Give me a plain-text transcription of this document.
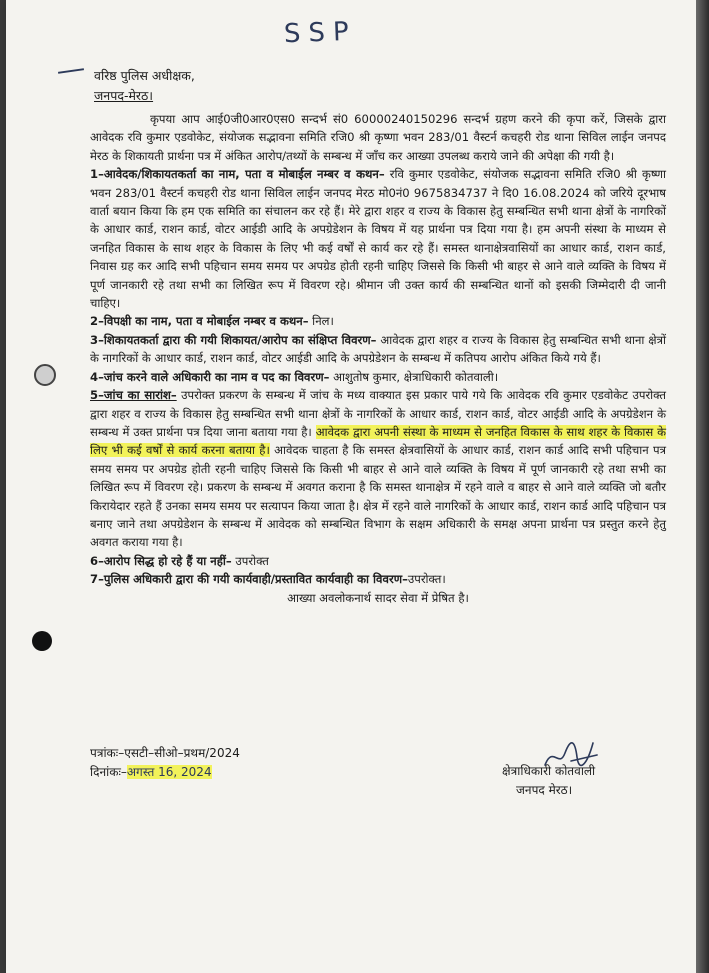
SSP
वरिष्ठ पुलिस अधीक्षक,
जनपद-मेरठ।

कृपया आप आई0जी0आर0एस0 सन्दर्भ सं0 60000240150296 सन्दर्भ ग्रहण करने की कृपा करें, जिसके द्वारा आवेदक रवि कुमार एडवोकेट, संयोजक सद्भावना समिति रजि0 श्री कृष्णा भवन 283/01 वैस्टर्न कचहरी रोड थाना सिविल लाईन जनपद मेरठ के शिकायती प्रार्थना पत्र में अंकित आरोप/तथ्यों के सम्बन्ध में जाँच कर आख्या उपलब्ध कराये जाने की अपेक्षा की गयी है।

1–आवेदक/शिकायतकर्ता का नाम, पता व मोबाईल नम्बर व कथन– रवि कुमार एडवोकेट, संयोजक सद्भावना समिति रजि0 श्री कृष्णा भवन 283/01 वैस्टर्न कचहरी रोड थाना सिविल लाईन जनपद मेरठ मो0नं0 9675834737 ने दि0 16.08.2024 को जरिये दूरभाष वार्ता बयान किया कि हम एक समिति का संचालन कर रहे हैं। मेरे द्वारा शहर व राज्य के विकास हेतु सम्बन्धित सभी थाना क्षेत्रों के नागरिकों के आधार कार्ड, राशन कार्ड, वोटर आईडी आदि के अपग्रेडेशन के विषय में यह प्रार्थना पत्र दिया गया है। हम अपनी संस्था के माध्यम से जनहित विकास के साथ शहर के विकास के लिए भी कई वर्षों से कार्य कर रहे हैं। समस्त थानाक्षेत्रवासियों का आधार कार्ड, राशन कार्ड, निवास ग्रह कर आदि सभी पहिचान समय समय पर अपग्रेड होती रहनी चाहिए जिससे कि किसी भी बाहर से आने वाले व्यक्ति के विषय में पूर्ण जानकारी रहे तथा सभी का लिखित रूप में विवरण रहे। श्रीमान जी उक्त कार्य की सम्बन्धित थानों को इसकी जिम्मेदारी दी जानी चाहिए।

2–विपक्षी का नाम, पता व मोबाईल नम्बर व कथन– निल।

3–शिकायतकर्ता द्वारा की गयी शिकायत/आरोप का संक्षिप्त विवरण– आवेदक द्वारा शहर व राज्य के विकास हेतु सम्बन्धित सभी थाना क्षेत्रों के नागरिकों के आधार कार्ड, राशन कार्ड, वोटर आईडी आदि के अपग्रेडेशन के सम्बन्ध में कतिपय आरोप अंकित किये गये हैं।

4–जांच करने वाले अधिकारी का नाम व पद का विवरण– आशुतोष कुमार, क्षेत्राधिकारी कोतवाली।

5–जांच का सारांश– उपरोक्त प्रकरण के सम्बन्ध में जांच के मध्य वाक्यात इस प्रकार पाये गये कि आवेदक रवि कुमार एडवोकेट उपरोक्त द्वारा शहर व राज्य के विकास हेतु सम्बन्धित सभी थाना क्षेत्रों के नागरिकों के आधार कार्ड, राशन कार्ड, वोटर आईडी आदि के अपग्रेडेशन के सम्बन्ध में उक्त प्रार्थना पत्र दिया जाना बताया गया है। आवेदक द्वारा अपनी संस्था के माध्यम से जनहित विकास के साथ शहर के विकास के लिए भी कई वर्षों से कार्य करना बताया है। आवेदक चाहता है कि समस्त क्षेत्रवासियों के आधार कार्ड, राशन कार्ड आदि सभी पहिचान पत्र समय समय पर अपग्रेड होती रहनी चाहिए जिससे कि किसी भी बाहर से आने वाले व्यक्ति के विषय में पूर्ण जानकारी रहे तथा सभी का लिखित रूप में विवरण रहे। प्रकरण के सम्बन्ध में अवगत कराना है कि समस्त थानाक्षेत्र में रहने वाले व बाहर से आने वाले व्यक्ति जो बतौर किरायेदार रहते हैं उनका समय समय पर सत्यापन किया जाता है। क्षेत्र में रहने वाले नागरिकों के आधार कार्ड, राशन कार्ड आदि पहिचान पत्र बनाए जाने तथा अपग्रेडेशन के सम्बन्ध में आवेदक को सम्बन्धित विभाग के सक्षम अधिकारी के समक्ष अपना प्रार्थना पत्र प्रस्तुत करने हेतु अवगत कराया गया है।

6–आरोप सिद्ध हो रहे हैं या नहीं– उपरोक्त

7–पुलिस अधिकारी द्वारा की गयी कार्यवाही/प्रस्तावित कार्यवाही का विवरण–उपरोक्त।

आख्या अवलोकनार्थ सादर सेवा में प्रेषित है।

पत्रांकः–एसटी–सीओ–प्रथम/2024
दिनांकः–अगस्त 16, 2024	क्षेत्राधिकारी कोतवाली
जनपद मेरठ।
